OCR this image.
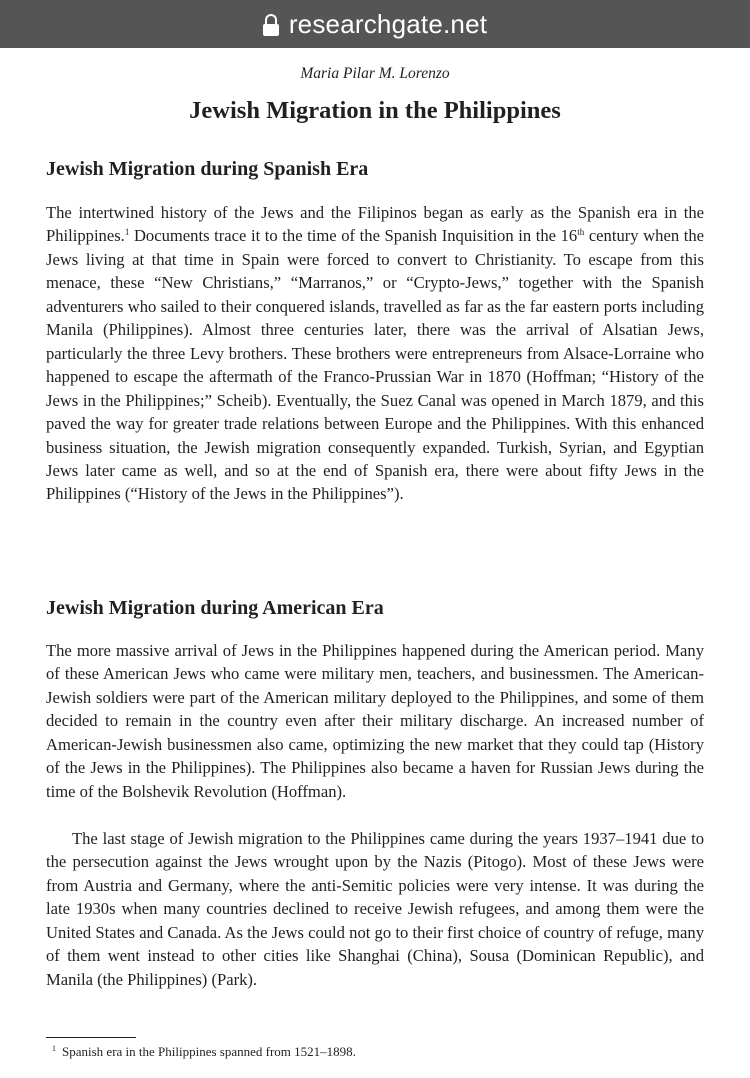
researchgate.net
Maria Pilar M. Lorenzo
Jewish Migration in the Philippines
Jewish Migration during Spanish Era

The intertwined history of the Jews and the Filipinos began as early as the Spanish era in the Philippines.$^1$ Documents trace it to the time of the Spanish Inquisition in the 16th century when the Jews living at that time in Spain were forced to convert to Christianity. To escape from this menace, these “New Christians,” “Marranos,” or “Crypto-Jews,” together with the Spanish adventurers who sailed to their conquered islands, travelled as far as the far eastern ports including Manila (Philippines). Almost three centuries later, there was the arrival of Alsatian Jews, particularly the three Levy brothers. These brothers were entrepreneurs from Alsace-Lorraine who happened to escape the aftermath of the Franco-Prussian War in 1870 (Hoffman; “History of the Jews in the Philippines;” Scheib). Eventually, the Suez Canal was opened in March 1879, and this paved the way for greater trade relations between Europe and the Philippines. With this enhanced business situation, the Jewish migration consequently expanded. Turkish, Syrian, and Egyptian Jews later came as well, and so at the end of Spanish era, there were about fifty Jews in the Philippines (“History of the Jews in the Philippines”).

Jewish Migration during American Era

The more massive arrival of Jews in the Philippines happened during the American period. Many of these American Jews who came were military men, teachers, and businessmen. The American-Jewish soldiers were part of the American military deployed to the Philippines, and some of them decided to remain in the country even after their military discharge. An increased number of American-Jewish businessmen also came, optimizing the new market that they could tap (History of the Jews in the Philippines). The Philippines also became a haven for Russian Jews during the time of the Bolshevik Revolution (Hoffman).

The last stage of Jewish migration to the Philippines came during the years 1937–1941 due to the persecution against the Jews wrought upon by the Nazis (Pitogo). Most of these Jews were from Austria and Germany, where the anti-Semitic policies were very intense. It was during the late 1930s when many countries declined to receive Jewish refugees, and among them were the United States and Canada. As the Jews could not go to their first choice of country of refuge, many of them went instead to other cities like Shanghai (China), Sousa (Dominican Republic), and Manila (the Philippines) (Park).

$^1$ Spanish era in the Philippines spanned from 1521–1898.
